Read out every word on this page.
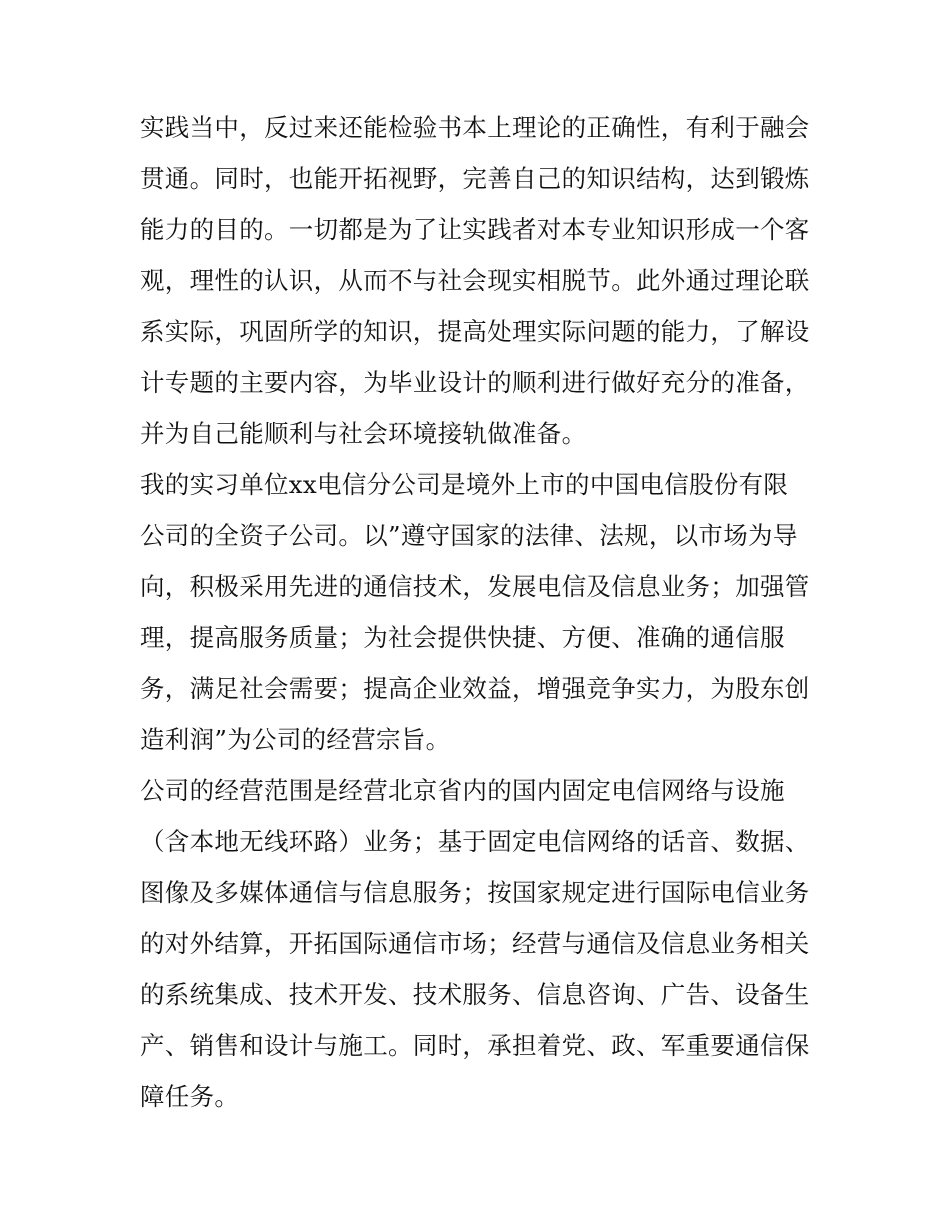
实践当中，反过来还能检验书本上理论的正确性，有利于融会
贯通。同时，也能开拓视野，完善自己的知识结构，达到锻炼
能力的目的。一切都是为了让实践者对本专业知识形成一个客
观，理性的认识，从而不与社会现实相脱节。此外通过理论联
系实际，巩固所学的知识，提高处理实际问题的能力，了解设
计专题的主要内容，为毕业设计的顺利进行做好充分的准备，
并为自己能顺利与社会环境接轨做准备。
我的实习单位xx电信分公司是境外上市的中国电信股份有限
公司的全资子公司。以”遵守国家的法律、法规，以市场为导
向，积极采用先进的通信技术，发展电信及信息业务；加强管
理，提高服务质量；为社会提供快捷、方便、准确的通信服
务，满足社会需要；提高企业效益，增强竞争实力，为股东创
造利润”为公司的经营宗旨。
公司的经营范围是经营北京省内的国内固定电信网络与设施
（含本地无线环路）业务；基于固定电信网络的话音、数据、
图像及多媒体通信与信息服务；按国家规定进行国际电信业务
的对外结算，开拓国际通信市场；经营与通信及信息业务相关
的系统集成、技术开发、技术服务、信息咨询、广告、设备生
产、销售和设计与施工。同时，承担着党、政、军重要通信保
障任务。
